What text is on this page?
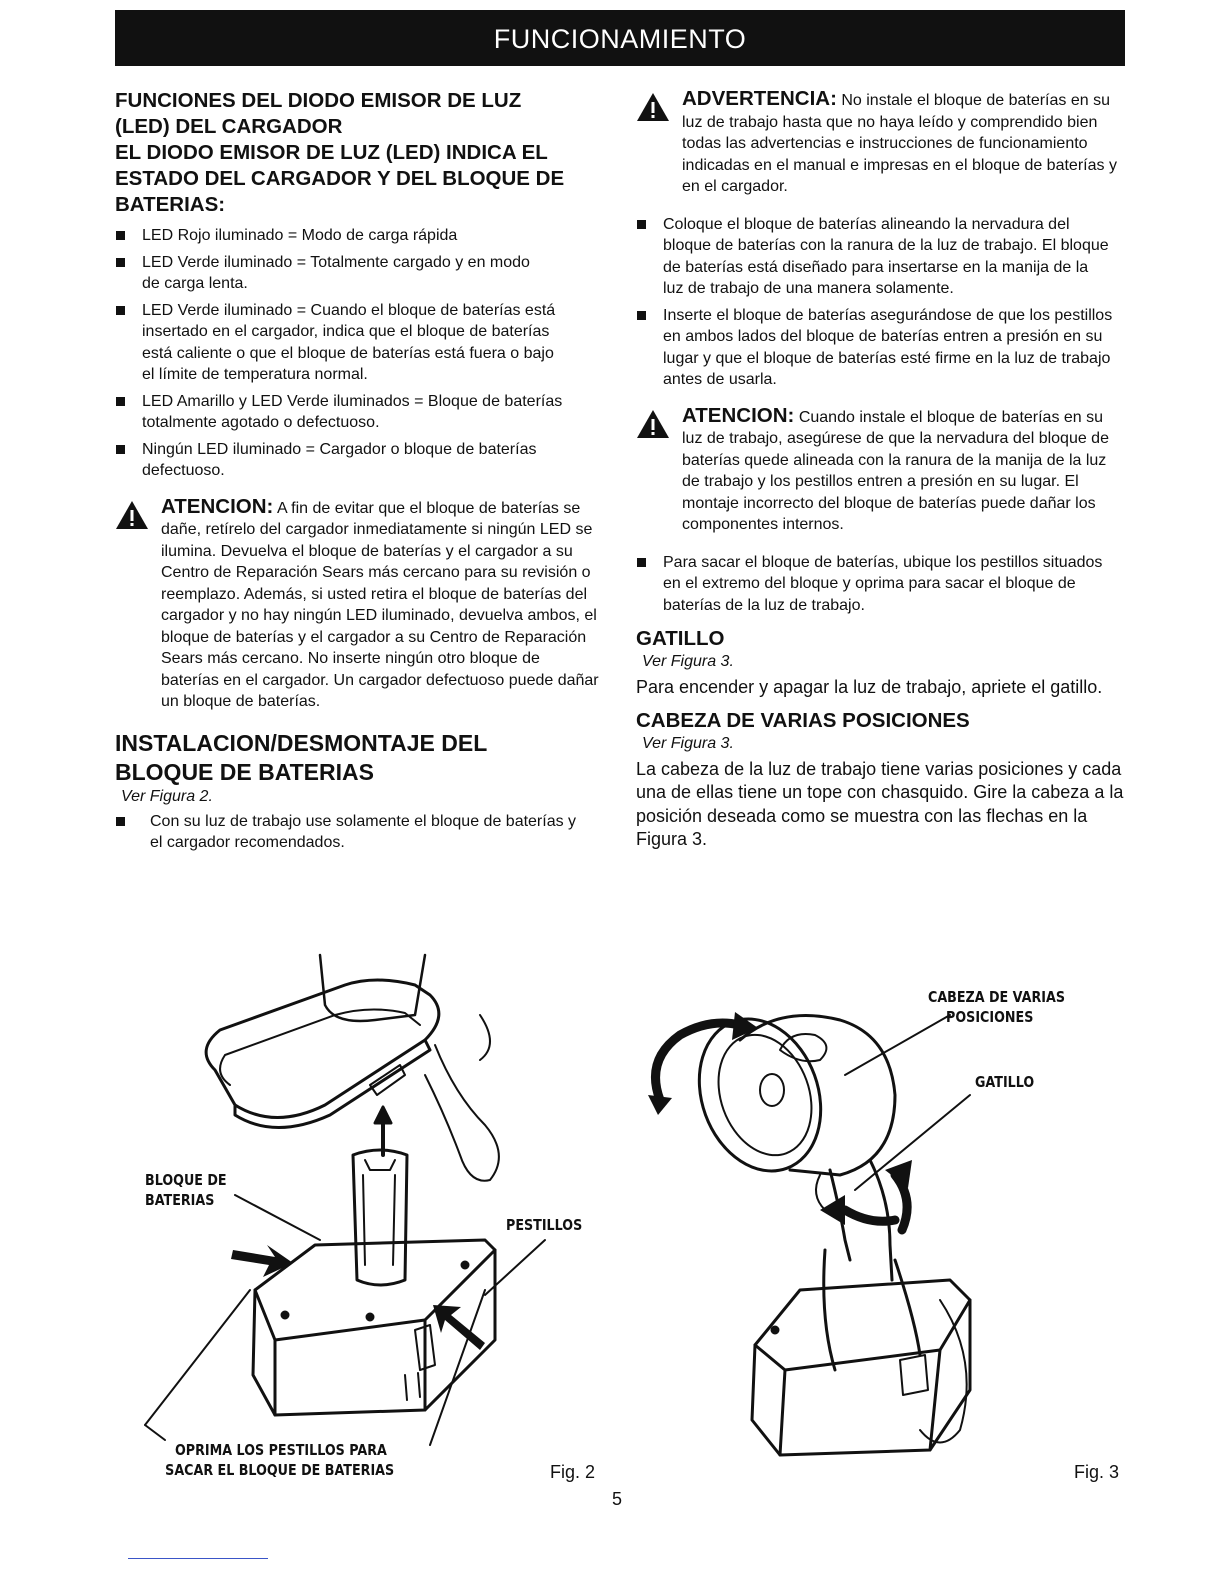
FUNCIONAMIENTO

FUNCIONES DEL DIODO EMISOR DE LUZ (LED) DEL CARGADOR

EL DIODO EMISOR DE LUZ (LED) INDICA EL ESTADO DEL CARGADOR Y DEL BLOQUE DE BATERIAS:

LED Rojo iluminado = Modo de carga rápida
LED Verde iluminado = Totalmente cargado y en modo de carga lenta.
LED Verde iluminado = Cuando el bloque de baterías está insertado en el cargador, indica que el bloque de baterías está caliente o que el bloque de baterías está fuera o bajo el límite de temperatura normal.
LED Amarillo y LED Verde iluminados = Bloque de baterías totalmente agotado o defectuoso.
Ningún LED iluminado = Cargador o bloque de baterías defectuoso.
ATENCION: A fin de evitar que el bloque de baterías se dañe, retírelo del cargador inmediatamente si ningún LED se ilumina. Devuelva el bloque de baterías y el cargador a su Centro de Reparación Sears más cercano para su revisión o reemplazo. Además, si usted retira el bloque de baterías del cargador y no hay ningún LED iluminado, devuelva ambos, el bloque de baterías y el cargador a su Centro de Reparación Sears más cercano. No inserte ningún otro bloque de baterías en el cargador. Un cargador defectuoso puede dañar un bloque de baterías.

INSTALACION/DESMONTAJE DEL BLOQUE DE BATERIAS

Ver Figura 2.

Con su luz de trabajo use solamente el bloque de baterías y el cargador recomendados.
ADVERTENCIA: No instale el bloque de baterías en su luz de trabajo hasta que no haya leído y comprendido bien todas las advertencias e instrucciones de funcionamiento indicadas en el manual e impresas en el bloque de baterías y en el cargador.
Coloque el bloque de baterías alineando la nervadura del bloque de baterías con la ranura de la luz de trabajo. El bloque de baterías está diseñado para insertarse en la manija de la luz de trabajo de una manera solamente.
Inserte el bloque de baterías asegurándose de que los pestillos en ambos lados del bloque de baterías entren a presión en su lugar y que el bloque de baterías esté firme en la luz de trabajo antes de usarla.
ATENCION: Cuando instale el bloque de baterías en su luz de trabajo, asegúrese de que la nervadura del bloque de baterías quede alineada con la ranura de la manija de la luz de trabajo y los pestillos entren a presión en su lugar. El montaje incorrecto del bloque de baterías puede dañar los componentes internos.
Para sacar el bloque de baterías, ubique los pestillos situados en el extremo del bloque y oprima para sacar el bloque de baterías de la luz de trabajo.

GATILLO

Ver Figura 3.

Para encender y apagar la luz de trabajo, apriete el gatillo.

CABEZA DE VARIAS POSICIONES

Ver Figura 3.

La cabeza de la luz de trabajo tiene varias posiciones y cada una de ellas tiene un tope con chasquido. Gire la cabeza a la posición deseada como se muestra con las flechas en la Figura 3.

BLOQUE DE
BATERIAS
PESTILLOS
OPRIMA LOS PESTILLOS PARA
SACAR EL BLOQUE DE BATERIAS	Fig. 2
CABEZA DE VARIAS
POSICIONES
GATILLO
Fig. 3
5
